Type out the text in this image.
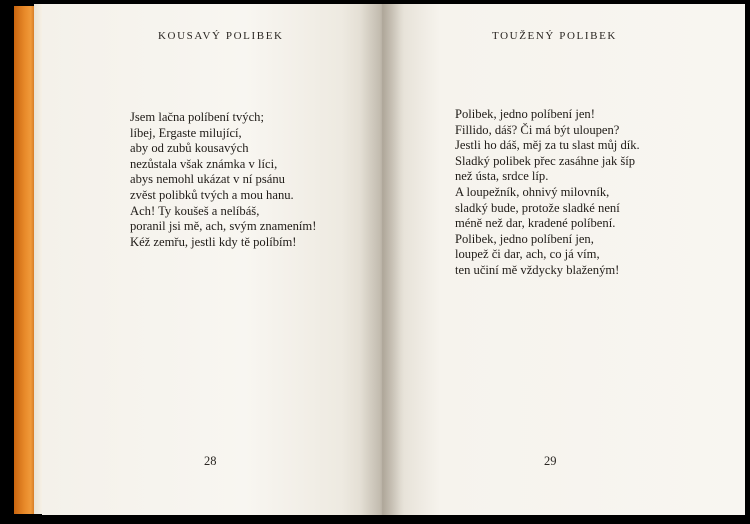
KOUSAVÝ POLIBEK	TOUŽENÝ POLIBEK
Jsem lačna políbení tvých;
líbej, Ergaste milující,
aby od zubů kousavých
nezůstala však známka v líci,
abys nemohl ukázat v ní psánu
zvěst polibků tvých a mou hanu.
Ach! Ty koušeš a nelíbáš,
poranil jsi mě, ach, svým znamením!
Kéž zemřu, jestli kdy tě políbím!
Polibek, jedno políbení jen!
Fillido, dáš? Či má být uloupen?
Jestli ho dáš, měj za tu slast můj dík.
Sladký polibek přec zasáhne jak šíp
než ústa, srdce líp.
A loupežník, ohnivý milovník,
sladký bude, protože sladké není
méně než dar, kradené políbení.
Polibek, jedno políbení jen,
loupež či dar, ach, co já vím,
ten učiní mě vždycky blaženým!
28	29
